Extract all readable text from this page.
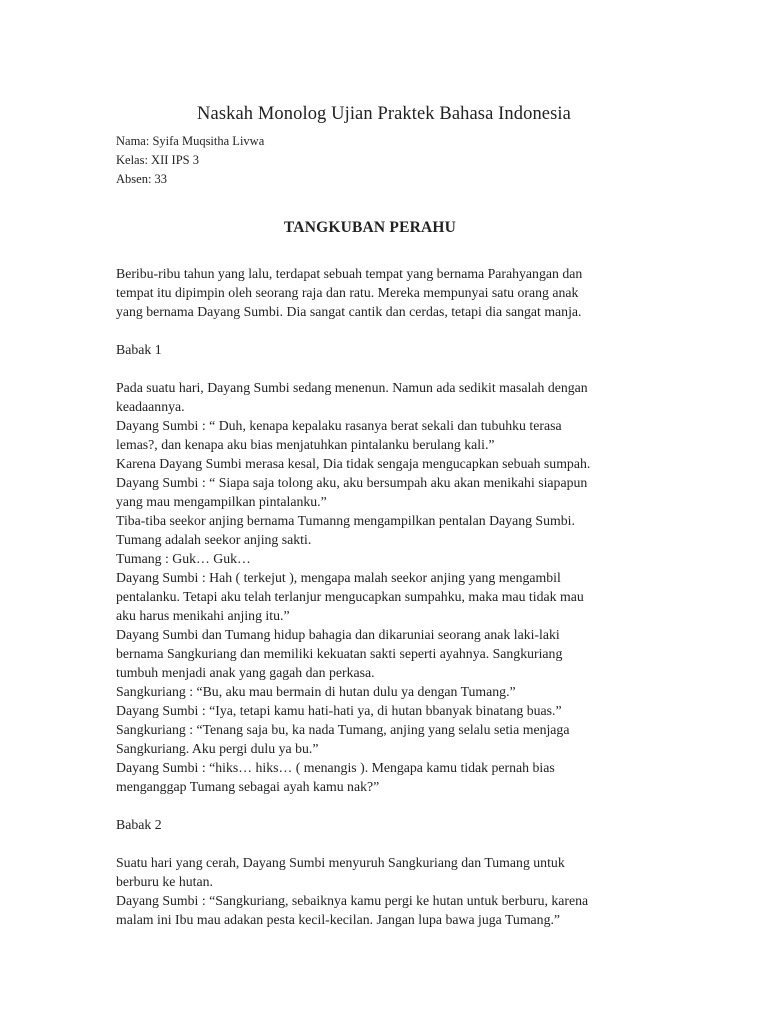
Naskah Monolog Ujian Praktek Bahasa Indonesia
Nama: Syifa Muqsitha Livwa
Kelas: XII IPS 3
Absen: 33
TANGKUBAN PERAHU
Beribu-ribu tahun yang lalu, terdapat sebuah tempat yang bernama Parahyangan dan
tempat itu dipimpin oleh seorang raja dan ratu. Mereka mempunyai satu orang anak
yang bernama Dayang Sumbi. Dia sangat cantik dan cerdas, tetapi dia sangat manja.
Babak 1
Pada suatu hari, Dayang Sumbi sedang menenun. Namun ada sedikit masalah dengan
keadaannya.
Dayang Sumbi : “ Duh, kenapa kepalaku rasanya berat sekali dan tubuhku terasa
lemas?, dan kenapa aku bias menjatuhkan pintalanku berulang kali.”
Karena Dayang Sumbi merasa kesal, Dia tidak sengaja mengucapkan sebuah sumpah.
Dayang Sumbi : “ Siapa saja tolong aku, aku bersumpah aku akan menikahi siapapun
yang mau mengampilkan pintalanku.”
Tiba-tiba seekor anjing bernama Tumanng mengampilkan pentalan Dayang Sumbi.
Tumang adalah seekor anjing sakti.
Tumang : Guk… Guk…
Dayang Sumbi : Hah ( terkejut ), mengapa malah seekor anjing yang mengambil
pentalanku. Tetapi aku telah terlanjur mengucapkan sumpahku, maka mau tidak mau
aku harus menikahi anjing itu.”
Dayang Sumbi dan Tumang hidup bahagia dan dikaruniai seorang anak laki-laki
bernama Sangkuriang dan memiliki kekuatan sakti seperti ayahnya. Sangkuriang
tumbuh menjadi anak yang gagah dan perkasa.
Sangkuriang : “Bu, aku mau bermain di hutan dulu ya dengan Tumang.”
Dayang Sumbi : “Iya, tetapi kamu hati-hati ya, di hutan bbanyak binatang buas.”
Sangkuriang : “Tenang saja bu, ka nada Tumang, anjing yang selalu setia menjaga
Sangkuriang. Aku pergi dulu ya bu.”
Dayang Sumbi : “hiks… hiks… ( menangis ). Mengapa kamu tidak pernah bias
menganggap Tumang sebagai ayah kamu nak?”
Babak 2
Suatu hari yang cerah, Dayang Sumbi menyuruh Sangkuriang dan Tumang untuk
berburu ke hutan.
Dayang Sumbi : “Sangkuriang, sebaiknya kamu pergi ke hutan untuk berburu, karena
malam ini Ibu mau adakan pesta kecil-kecilan. Jangan lupa bawa juga Tumang.”
